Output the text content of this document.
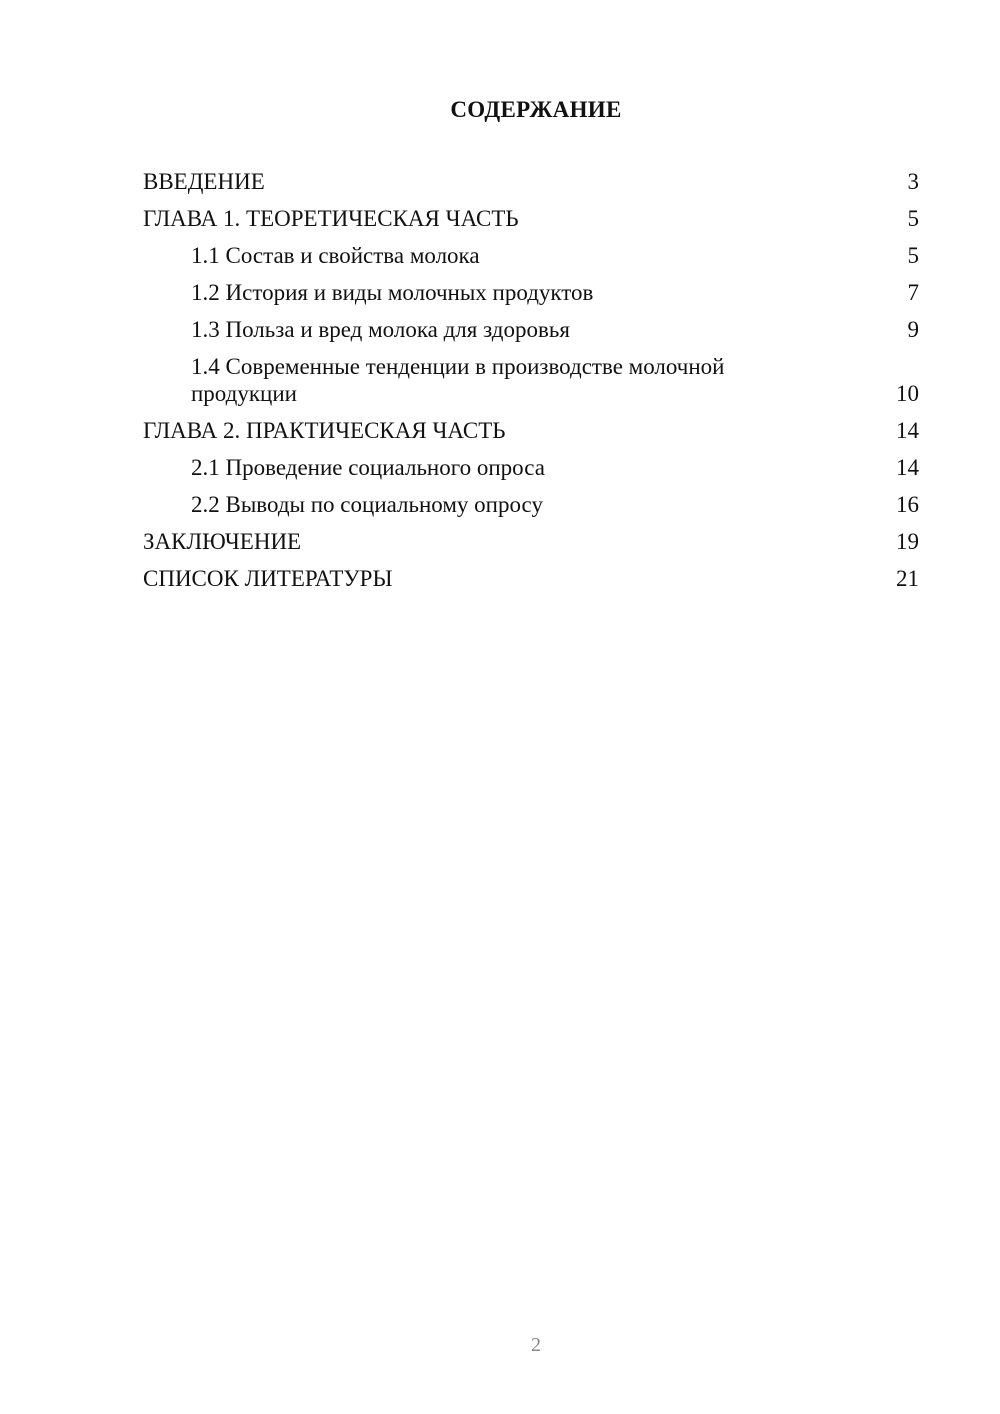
СОДЕРЖАНИЕ
ВВЕДЕНИЕ	3
ГЛАВА 1. ТЕОРЕТИЧЕСКАЯ ЧАСТЬ	5
1.1 Состав и свойства молока	5
1.2 История и виды молочных продуктов	7
1.3 Польза и вред молока для здоровья	9
1.4 Современные тенденции в производстве молочной продукции	10
ГЛАВА 2. ПРАКТИЧЕСКАЯ ЧАСТЬ	14
2.1 Проведение социального опроса	14
2.2 Выводы по социальному опросу	16
ЗАКЛЮЧЕНИЕ	19
СПИСОК ЛИТЕРАТУРЫ	21
2
